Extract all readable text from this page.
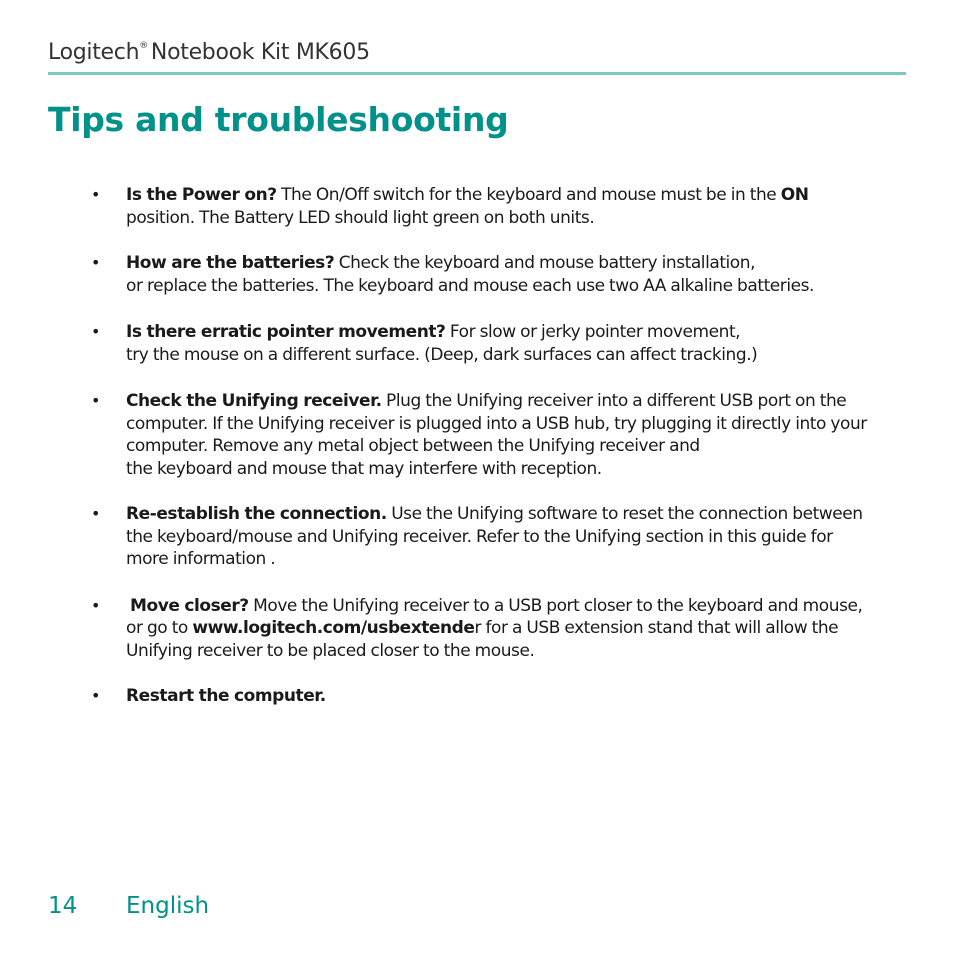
Logitech® Notebook Kit MK605
Tips and troubleshooting
• Is the Power on? The On/Off switch for the keyboard and mouse must be in the ON position. The Battery LED should light green on both units.
• How are the batteries? Check the keyboard and mouse battery installation,
or replace the batteries. The keyboard and mouse each use two AA alkaline batteries.
• Is there erratic pointer movement? For slow or jerky pointer movement,
try the mouse on a different surface. (Deep, dark surfaces can affect tracking.)
• Check the Unifying receiver. Plug the Unifying receiver into a different USB port on the computer. If the Unifying receiver is plugged into a USB hub, try plugging it directly into your computer. Remove any metal object between the Unifying receiver and
the keyboard and mouse that may interfere with reception.
• Re-establish the connection. Use the Unifying software to reset the connection between the keyboard/mouse and Unifying receiver. Refer to the Unifying section in this guide for more information .
• Move closer? Move the Unifying receiver to a USB port closer to the keyboard and mouse, or go to www.logitech.com/usbextender for a USB extension stand that will allow the Unifying receiver to be placed closer to the mouse.
• Restart the computer.
14 English
